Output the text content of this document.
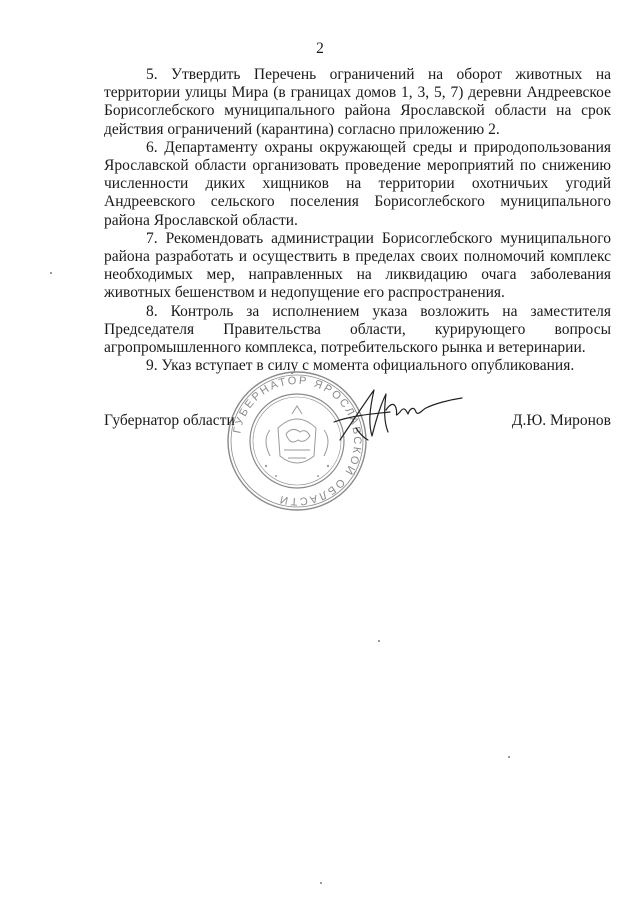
2

5. Утвердить Перечень ограничений на оборот животных на территории улицы Мира (в границах домов 1, 3, 5, 7) деревни Андреевское Борисоглебского муниципального района Ярославской области на срок действия ограничений (карантина) согласно приложению 2.

6. Департаменту охраны окружающей среды и природопользования Ярославской области организовать проведение мероприятий по снижению численности диких хищников на территории охотничьих угодий Андреевского сельского поселения Борисоглебского муниципального района Ярославской области.

7. Рекомендовать администрации Борисоглебского муниципального района разработать и осуществить в пределах своих полномочий комплекс необходимых мер, направленных на ликвидацию очага заболевания животных бешенством и недопущение его распространения.

8. Контроль за исполнением указа возложить на заместителя Председателя Правительства области, курирующего вопросы агропромышленного комплекса, потребительского рынка и ветеринарии.

9. Указ вступает в силу с момента официального опубликования.

ГУБЕРНАТОР ЯРОСЛАВСКОЙ ОБЛАСТИ
Губернатор области	Д.Ю. Миронов
